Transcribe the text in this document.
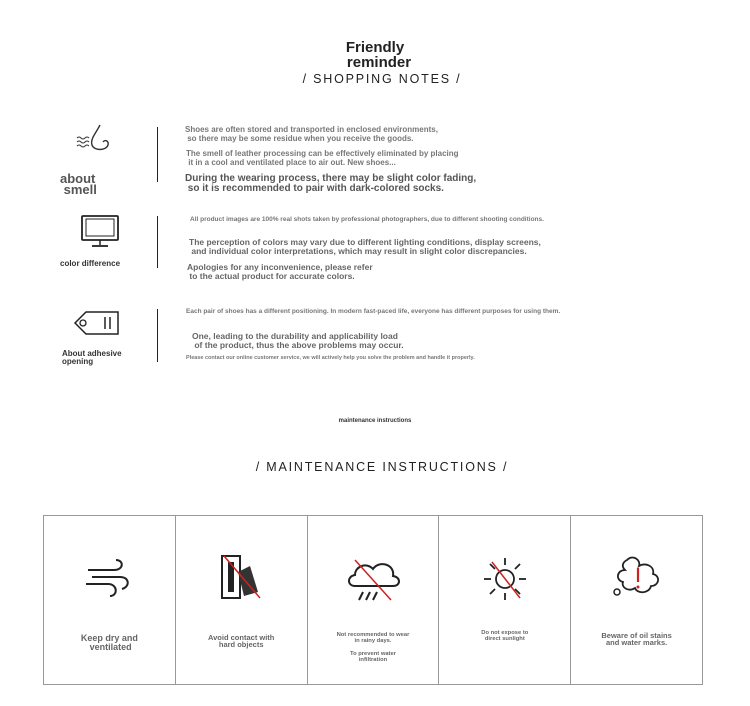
Friendly
reminder
/ SHOPPING NOTES /
about
smell
Shoes are often stored and transported in enclosed environments,
so there may be some residue when you receive the goods.
The smell of leather processing can be effectively eliminated by placing
it in a cool and ventilated place to air out. New shoes...
During the wearing process, there may be slight color fading,
so it is recommended to pair with dark-colored socks.
color difference
All product images are 100% real shots taken by professional photographers, due to different shooting conditions.
The perception of colors may vary due to different lighting conditions, display screens,
and individual color interpretations, which may result in slight color discrepancies.
Apologies for any inconvenience, please refer
to the actual product for accurate colors.
About adhesive
opening
Each pair of shoes has a different positioning. In modern fast-paced life, everyone has different purposes for using them.
One, leading to the durability and applicability load
of the product, thus the above problems may occur.
Please contact our online customer service, we will actively help you solve the problem and handle it properly.
maintenance instructions
/ MAINTENANCE INSTRUCTIONS /
Keep dry and
ventilated
Avoid contact with
hard objects
Not recommended to wear
in rainy days.
To prevent water
infiltration
Do not expose to
direct sunlight	Beware of oil stains
and water marks.
